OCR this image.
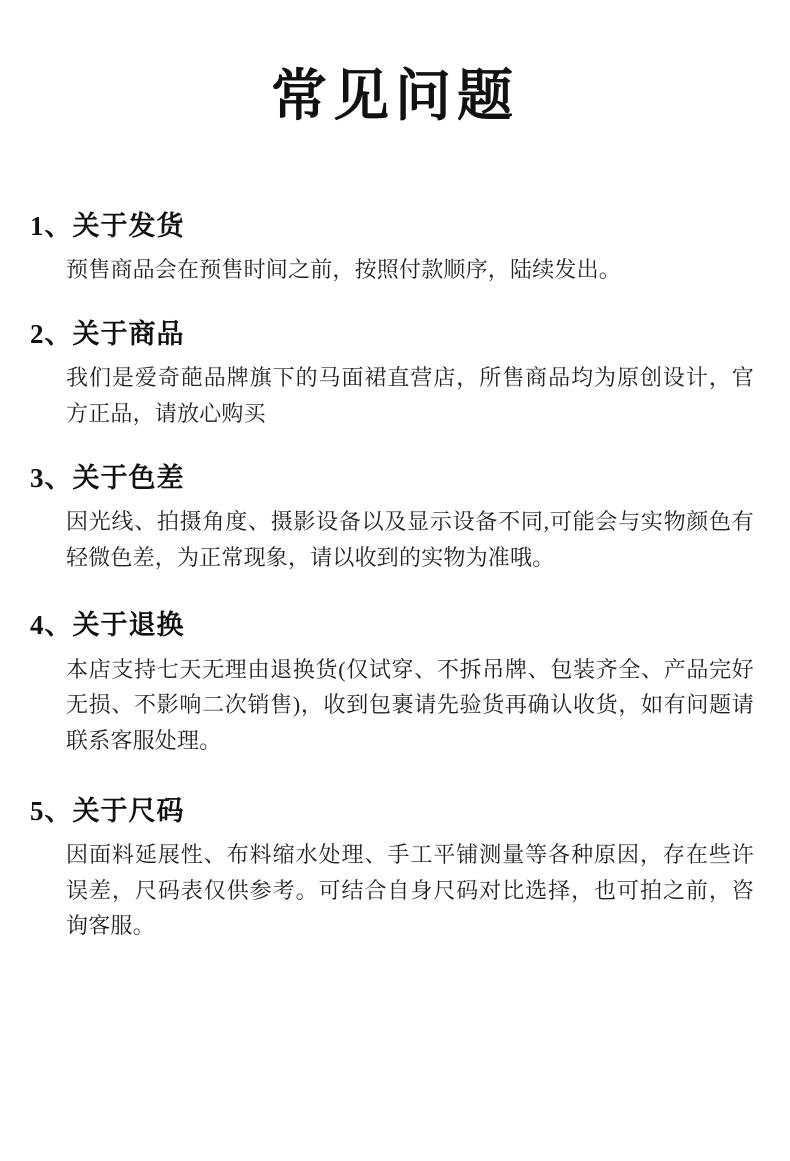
常见问题

1、关于发货

预售商品会在预售时间之前，按照付款顺序，陆续发出。

2、关于商品

我们是爱奇葩品牌旗下的马面裙直营店，所售商品均为原创设计，官方正品，请放心购买

3、关于色差

因光线、拍摄角度、摄影设备以及显示设备不同,可能会与实物颜色有轻微色差，为正常现象，请以收到的实物为准哦。

4、关于退换

本店支持七天无理由退换货(仅试穿、不拆吊牌、包装齐全、产品完好无损、不影响二次销售)，收到包裹请先验货再确认收货，如有问题请联系客服处理。

5、关于尺码

因面料延展性、布料缩水处理、手工平铺测量等各种原因，存在些许误差，尺码表仅供参考。可结合自身尺码对比选择，也可拍之前，咨询客服。
